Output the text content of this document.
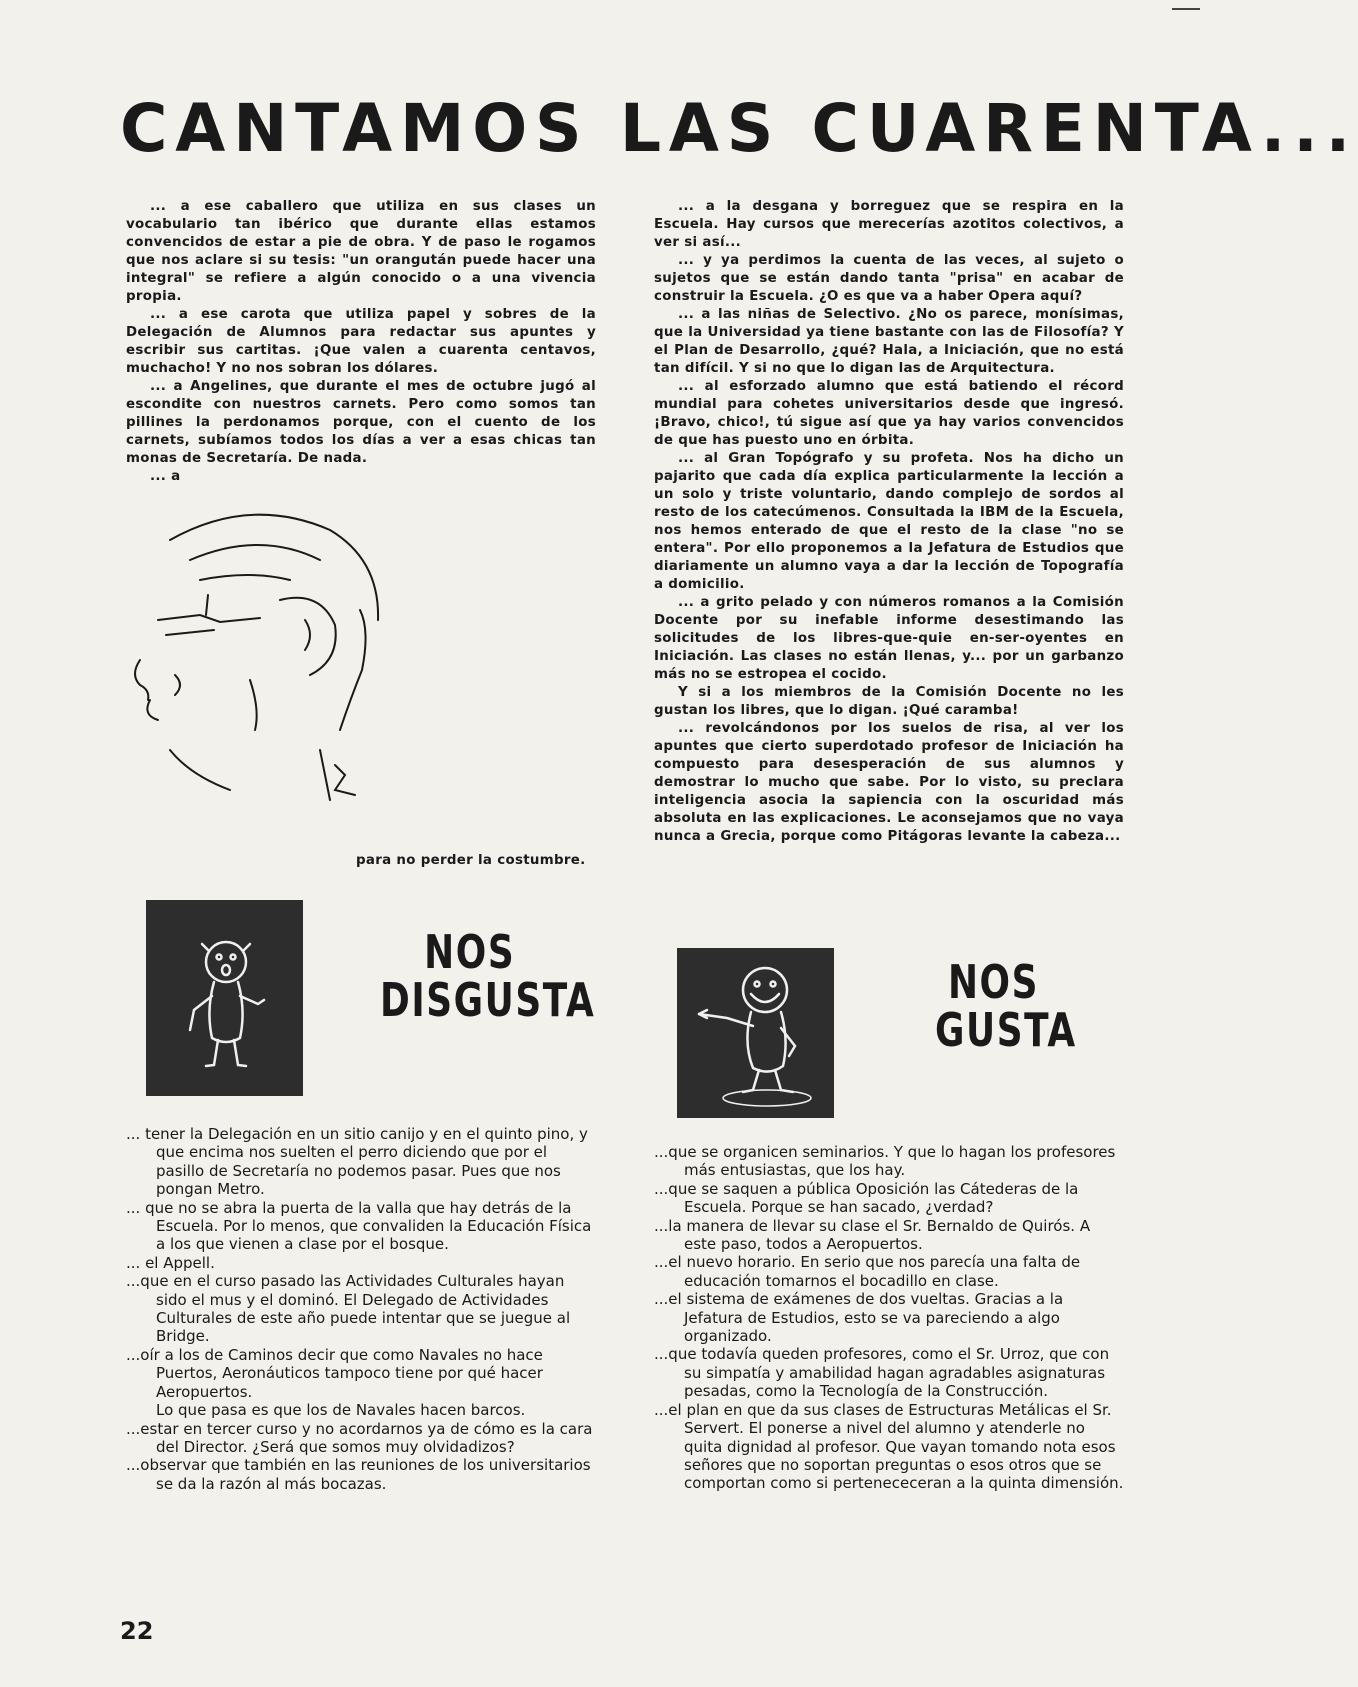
CANTAMOS LAS CUARENTA...

... a ese caballero que utiliza en sus clases un vocabulario tan ibérico que durante ellas estamos convencidos de estar a pie de obra. Y de paso le rogamos que nos aclare si su tesis: "un orangután puede hacer una integral" se refiere a algún conocido o a una vivencia propia.

... a ese carota que utiliza papel y sobres de la Delegación de Alumnos para redactar sus apuntes y escribir sus cartitas. ¡Que valen a cuarenta centavos, muchacho! Y no nos sobran los dólares.

... a Angelines, que durante el mes de octubre jugó al escondite con nuestros carnets. Pero como somos tan pillines la perdonamos porque, con el cuento de los carnets, subíamos todos los días a ver a esas chicas tan monas de Secretaría. De nada.

... a

para no perder la costumbre.

... a la desgana y borreguez que se respira en la Escuela. Hay cursos que merecerías azotitos colectivos, a ver si así...

... y ya perdimos la cuenta de las veces, al sujeto o sujetos que se están dando tanta "prisa" en acabar de construir la Escuela. ¿O es que va a haber Opera aquí?

... a las niñas de Selectivo. ¿No os parece, monísimas, que la Universidad ya tiene bastante con las de Filosofía? Y el Plan de Desarrollo, ¿qué? Hala, a Iniciación, que no está tan difícil. Y si no que lo digan las de Arquitectura.

... al esforzado alumno que está batiendo el récord mundial para cohetes universitarios desde que ingresó. ¡Bravo, chico!, tú sigue así que ya hay varios convencidos de que has puesto uno en órbita.

... al Gran Topógrafo y su profeta. Nos ha dicho un pajarito que cada día explica particularmente la lección a un solo y triste voluntario, dando complejo de sordos al resto de los catecúmenos. Consultada la IBM de la Escuela, nos hemos enterado de que el resto de la clase "no se entera". Por ello proponemos a la Jefatura de Estudios que diariamente un alumno vaya a dar la lección de Topografía a domicilio.

... a grito pelado y con números romanos a la Comisión Docente por su inefable informe desestimando las solicitudes de los libres-que-quie en-ser-oyentes en Iniciación. Las clases no están llenas, y... por un garbanzo más no se estropea el cocido.

Y si a los miembros de la Comisión Docente no les gustan los libres, que lo digan. ¡Qué caramba!

... revolcándonos por los suelos de risa, al ver los apuntes que cierto superdotado profesor de Iniciación ha compuesto para desesperación de sus alumnos y demostrar lo mucho que sabe. Por lo visto, su preclara inteligencia asocia la sapiencia con la oscuridad más absoluta en las explicaciones. Le aconsejamos que no vaya nunca a Grecia, porque como Pitágoras levante la cabeza...

NOS
DISGUSTA

... tener la Delegación en un sitio canijo y en el quinto pino, y que encima nos suelten el perro diciendo que por el pasillo de Secretaría no podemos pasar. Pues que nos pongan Metro.

... que no se abra la puerta de la valla que hay detrás de la Escuela. Por lo menos, que convaliden la Educación Física a los que vienen a clase por el bosque.

... el Appell.

...que en el curso pasado las Actividades Culturales hayan sido el mus y el dominó. El Delegado de Actividades Culturales de este año puede intentar que se juegue al Bridge.

...oír a los de Caminos decir que como Navales no hace Puertos, Aeronáuticos tampoco tiene por qué hacer Aeropuertos.

Lo que pasa es que los de Navales hacen barcos.

...estar en tercer curso y no acordarnos ya de cómo es la cara del Director. ¿Será que somos muy olvidadizos?

...observar que también en las reuniones de los universitarios se da la razón al más bocazas.

NOS
GUSTA

...que se organicen seminarios. Y que lo hagan los profesores más entusiastas, que los hay.

...que se saquen a pública Oposición las Cátederas de la Escuela. Porque se han sacado, ¿verdad?

...la manera de llevar su clase el Sr. Bernaldo de Quirós. A este paso, todos a Aeropuertos.

...el nuevo horario. En serio que nos parecía una falta de educación tomarnos el bocadillo en clase.

...el sistema de exámenes de dos vueltas. Gracias a la Jefatura de Estudios, esto se va pareciendo a algo organizado.

...que todavía queden profesores, como el Sr. Urroz, que con su simpatía y amabilidad hagan agradables asignaturas pesadas, como la Tecnología de la Construcción.

...el plan en que da sus clases de Estructuras Metálicas el Sr. Servert. El ponerse a nivel del alumno y atenderle no quita dignidad al profesor. Que vayan tomando nota esos señores que no soportan preguntas o esos otros que se comportan como si pertenececeran a la quinta dimensión.

22
